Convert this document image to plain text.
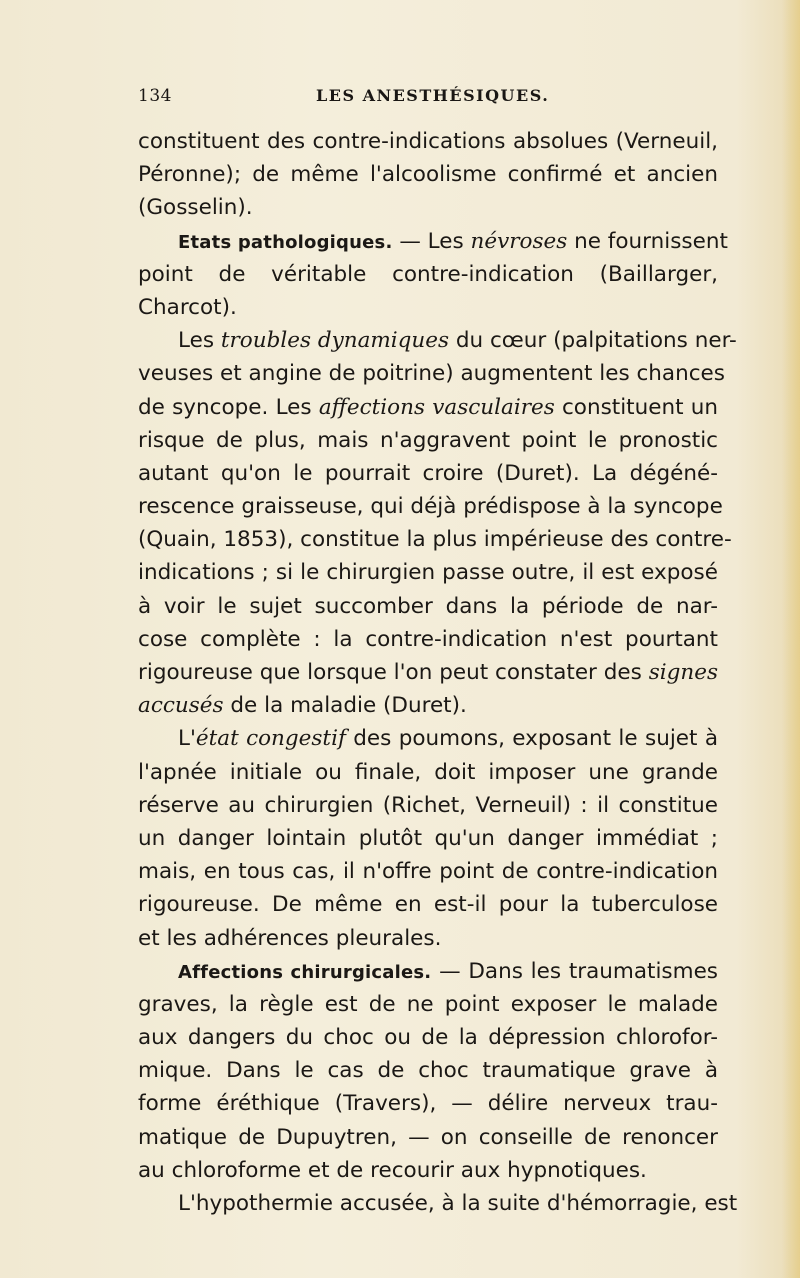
134	LES ANESTHÉSIQUES.
constituent des contre-indications absolues (Verneuil,
Péronne); de même l'alcoolisme confirmé et ancien
(Gosselin).
Etats pathologiques. — Les névroses ne fournissent
point de véritable contre-indication (Baillarger,
Charcot).
Les troubles dynamiques du cœur (palpitations ner-
veuses et angine de poitrine) augmentent les chances
de syncope. Les affections vasculaires constituent un
risque de plus, mais n'aggravent point le pronostic
autant qu'on le pourrait croire (Duret). La dégéné-
rescence graisseuse, qui déjà prédispose à la syncope
(Quain, 1853), constitue la plus impérieuse des contre-
indications ; si le chirurgien passe outre, il est exposé
à voir le sujet succomber dans la période de nar-
cose complète : la contre-indication n'est pourtant
rigoureuse que lorsque l'on peut constater des signes
accusés de la maladie (Duret).
L'état congestif des poumons, exposant le sujet à
l'apnée initiale ou finale, doit imposer une grande
réserve au chirurgien (Richet, Verneuil) : il constitue
un danger lointain plutôt qu'un danger immédiat ;
mais, en tous cas, il n'offre point de contre-indication
rigoureuse. De même en est-il pour la tuberculose
et les adhérences pleurales.
Affections chirurgicales. — Dans les traumatismes
graves, la règle est de ne point exposer le malade
aux dangers du choc ou de la dépression chlorofor-
mique. Dans le cas de choc traumatique grave à
forme éréthique (Travers), — délire nerveux trau-
matique de Dupuytren, — on conseille de renoncer
au chloroforme et de recourir aux hypnotiques.
L'hypothermie accusée, à la suite d'hémorragie, est
